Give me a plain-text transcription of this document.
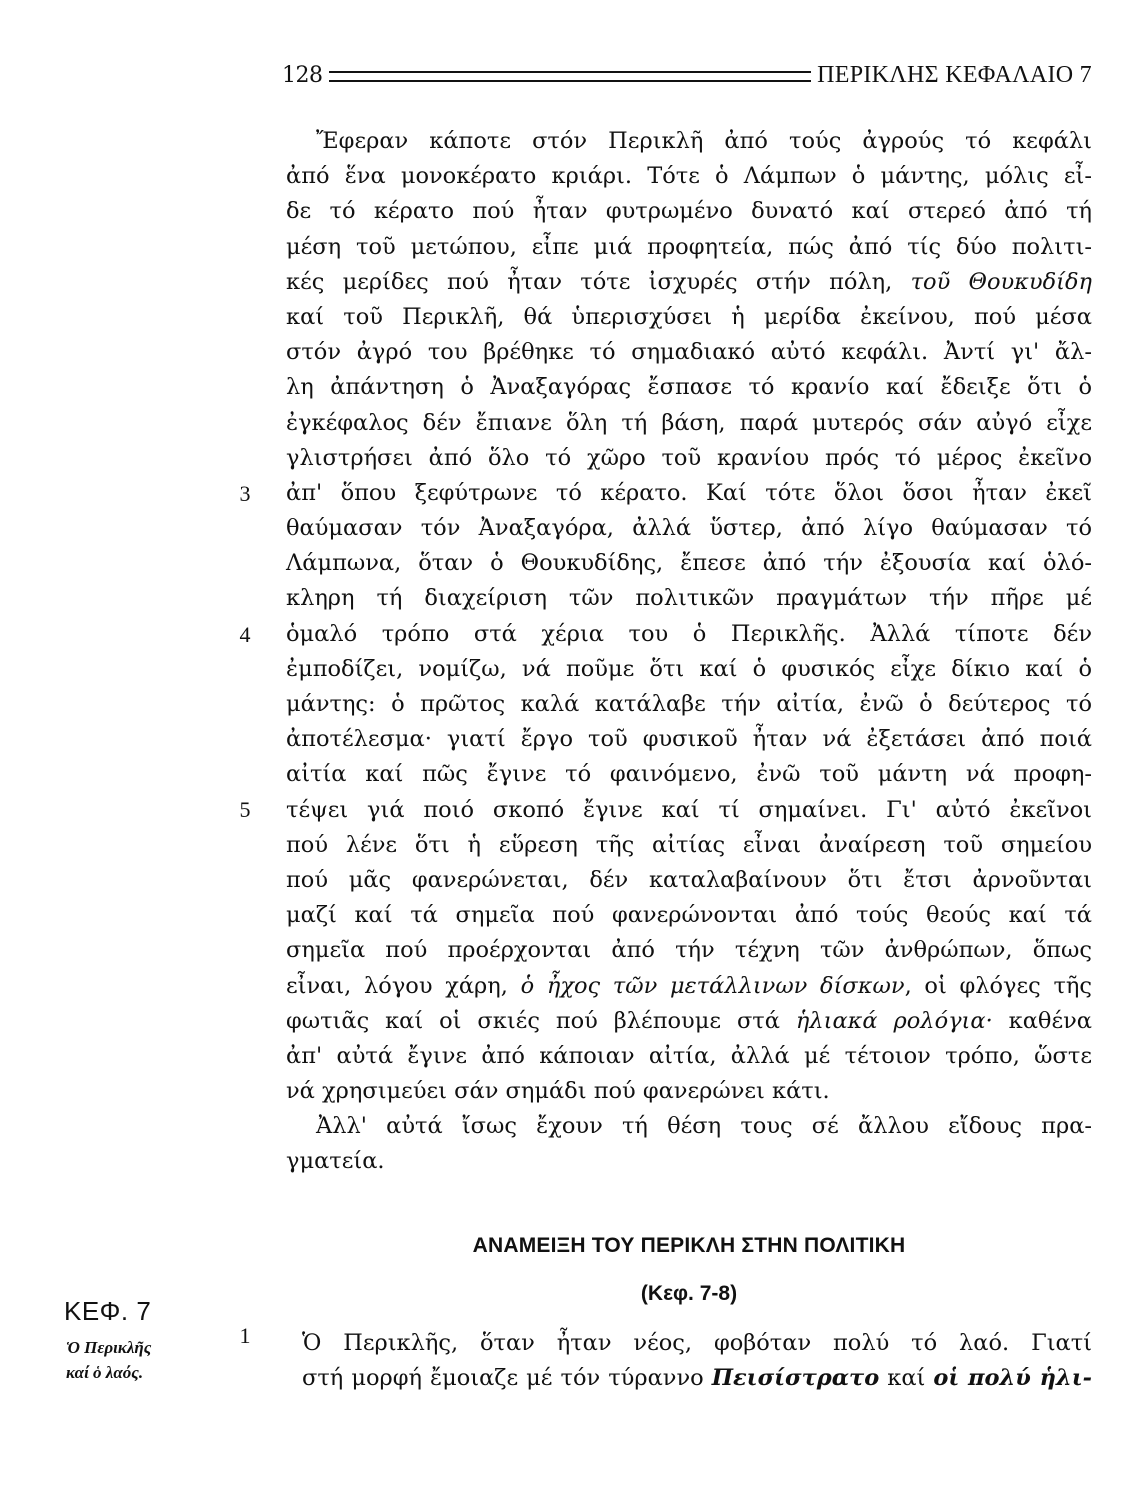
128	ΠΕΡΙΚΛΗΣ ΚΕΦΑΛΑΙΟ 7
Ἔφεραν κάποτε στόν Περικλῆ ἀπό τούς ἀγρούς τό κεφάλι
ἀπό ἕνα μονοκέρατο κριάρι. Τότε ὁ Λάμπων ὁ μάντης, μόλις εἶ-
δε τό κέρατο πού ἦταν φυτρωμένο δυνατό καί στερεό ἀπό τή
μέση τοῦ μετώπου, εἶπε μιά προφητεία, πώς ἀπό τίς δύο πολιτι-
κές μερίδες πού ἦταν τότε ἰσχυρές στήν πόλη, τοῦ Θουκυδίδη
καί τοῦ Περικλῆ, θά ὑπερισχύσει ἡ μερίδα ἐκείνου, πού μέσα
στόν ἀγρό του βρέθηκε τό σημαδιακό αὐτό κεφάλι. Ἀντί γι' ἄλ-
λη ἀπάντηση ὁ Ἀναξαγόρας ἔσπασε τό κρανίο καί ἔδειξε ὅτι ὁ
ἐγκέφαλος δέν ἔπιανε ὅλη τή βάση, παρά μυτερός σάν αὐγό εἶχε
γλιστρήσει ἀπό ὅλο τό χῶρο τοῦ κρανίου πρός τό μέρος ἐκεῖνο
ἀπ' ὅπου ξεφύτρωνε τό κέρατο. Καί τότε ὅλοι ὅσοι ἦταν ἐκεῖ
θαύμασαν τόν Ἀναξαγόρα, ἀλλά ὕστερ, ἀπό λίγο θαύμασαν τό
Λάμπωνα, ὅταν ὁ Θουκυδίδης, ἔπεσε ἀπό τήν ἐξουσία καί ὁλό-
κληρη τή διαχείριση τῶν πολιτικῶν πραγμάτων τήν πῆρε μέ
ὁμαλό τρόπο στά χέρια του ὁ Περικλῆς. Ἀλλά τίποτε δέν
ἐμποδίζει, νομίζω, νά ποῦμε ὅτι καί ὁ φυσικός εἶχε δίκιο καί ὁ
μάντης: ὁ πρῶτος καλά κατάλαβε τήν αἰτία, ἐνῶ ὁ δεύτερος τό
ἀποτέλεσμα· γιατί ἔργο τοῦ φυσικοῦ ἦταν νά ἐξετάσει ἀπό ποιά
αἰτία καί πῶς ἔγινε τό φαινόμενο, ἐνῶ τοῦ μάντη νά προφη-
τέψει γιά ποιό σκοπό ἔγινε καί τί σημαίνει. Γι' αὐτό ἐκεῖνοι
πού λένε ὅτι ἡ εὕρεση τῆς αἰτίας εἶναι ἀναίρεση τοῦ σημείου
πού μᾶς φανερώνεται, δέν καταλαβαίνουν ὅτι ἔτσι ἀρνοῦνται
μαζί καί τά σημεῖα πού φανερώνονται ἀπό τούς θεούς καί τά
σημεῖα πού προέρχονται ἀπό τήν τέχνη τῶν ἀνθρώπων, ὅπως
εἶναι, λόγου χάρη, ὁ ἦχος τῶν μετάλλινων δίσκων, οἱ φλόγες τῆς
φωτιᾶς καί οἱ σκιές πού βλέπουμε στά ἡλιακά ρολόγια· καθένα
ἀπ' αὐτά ἔγινε ἀπό κάποιαν αἰτία, ἀλλά μέ τέτοιον τρόπο, ὥστε
νά χρησιμεύει σάν σημάδι πού φανερώνει κάτι.
Ἀλλ' αὐτά ἴσως ἔχουν τή θέση τους σέ ἄλλου εἴδους πρα-
γματεία.
3
4
5
1
ΑΝΑΜΕΙΞΗ ΤΟΥ ΠΕΡΙΚΛΗ ΣΤΗΝ ΠΟΛΙΤΙΚΗ
(Κεφ. 7-8)
ΚΕΦ. 7
Ὁ Περικλῆς
καί ὁ λαός.
Ὁ Περικλῆς, ὅταν ἦταν νέος, φοβόταν πολύ τό λαό. Γιατί
στή μορφή ἔμοιαζε μέ τόν τύραννο Πεισίστρατο καί οἱ πολύ ἡλι-
